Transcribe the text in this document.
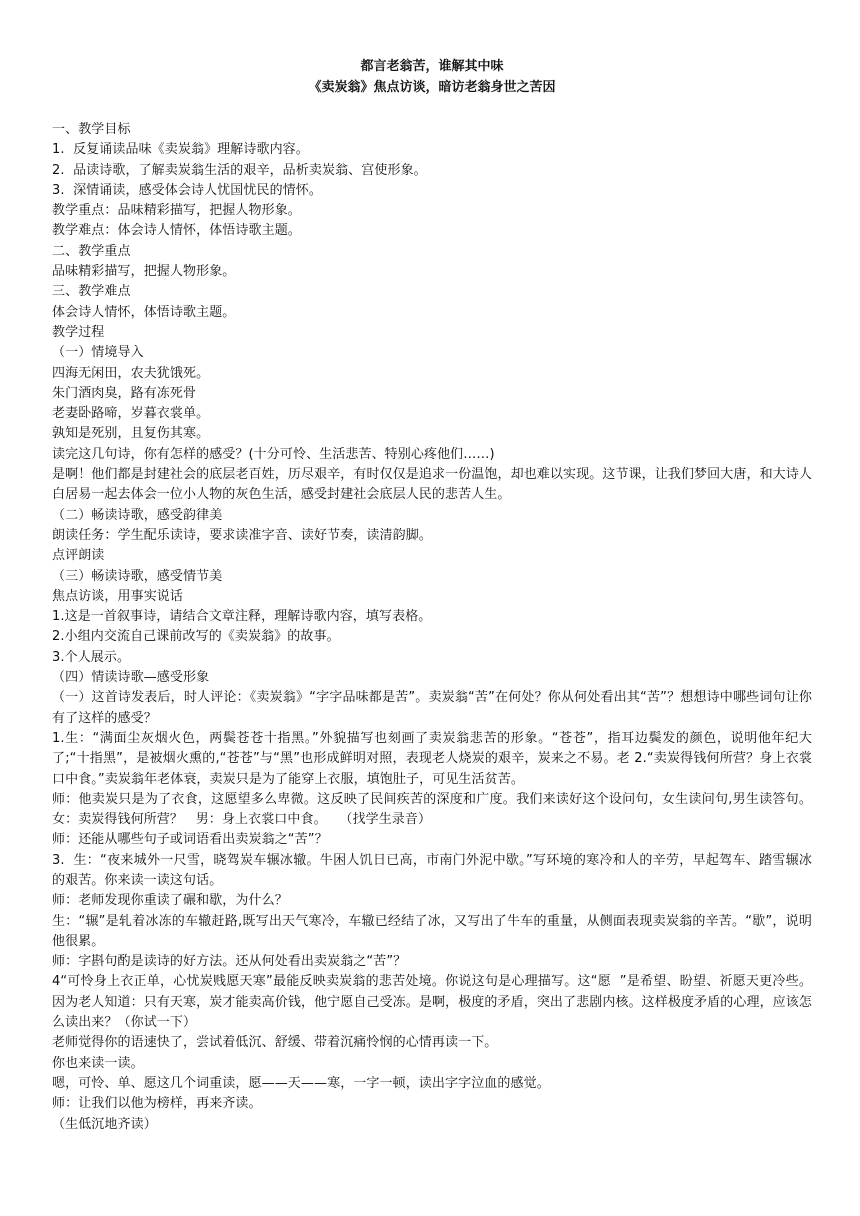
都言老翁苦，谁解其中味

《卖炭翁》焦点访谈，暗访老翁身世之苦因

一、教学目标

1.  反复诵读品味《卖炭翁》理解诗歌内容。

2.  品读诗歌，了解卖炭翁生活的艰辛，品析卖炭翁、宫使形象。

3.  深情诵读，感受体会诗人忧国忧民的情怀。

教学重点：品味精彩描写，把握人物形象。

教学难点：体会诗人情怀，体悟诗歌主题。

二、教学重点

品味精彩描写，把握人物形象。

三、教学难点

体会诗人情怀，体悟诗歌主题。

教学过程

（一）情境导入

四海无闲田，农夫犹饿死。

朱门酒肉臭，路有冻死骨

老妻卧路啼，岁暮衣裳单。

孰知是死别，且复伤其寒。

读完这几句诗，你有怎样的感受？(十分可怜、生活悲苦、特别心疼他们……)

是啊！他们都是封建社会的底层老百姓，历尽艰辛，有时仅仅是追求一份温饱，却也难以实现。这节课，让我们梦回大唐，和大诗人白居易一起去体会一位小人物的灰色生活，感受封建社会底层人民的悲苦人生。

（二）畅读诗歌，感受韵律美

朗读任务：学生配乐读诗，要求读准字音、读好节奏，读清韵脚。

点评朗读

（三）畅读诗歌，感受情节美

焦点访谈，用事实说话

1.这是一首叙事诗，请结合文章注释，理解诗歌内容，填写表格。

2.小组内交流自己课前改写的《卖炭翁》的故事。

3.个人展示。

（四）情读诗歌—感受形象

（一）这首诗发表后，时人评论：《卖炭翁》“字字品味都是苦”。卖炭翁“苦”在何处？你从何处看出其“苦”？想想诗中哪些词句让你有了这样的感受？

1.生：“满面尘灰烟火色，两鬓苍苍十指黑。”外貌描写也刻画了卖炭翁悲苦的形象。“苍苍”，指耳边鬓发的颜色，说明他年纪大了;“十指黑”，是被烟火熏的,“苍苍”与“黑”也形成鲜明对照，表现老人烧炭的艰辛，炭来之不易。老 2.“卖炭得钱何所营？身上衣裳口中食。”卖炭翁年老体衰，卖炭只是为了能穿上衣服，填饱肚子，可见生活贫苦。

师：他卖炭只是为了衣食，这愿望多么卑微。这反映了民间疾苦的深度和广度。我们来读好这个设问句，女生读问句,男生读答句。女：卖炭得钱何所营？   男：身上衣裳口中食。   （找学生录音）

师：还能从哪些句子或词语看出卖炭翁之“苦”？

3.  生：“夜来城外一尺雪，晓驾炭车辗冰辙。牛困人饥日已高，市南门外泥中歇。”写环境的寒冷和人的辛劳，早起驾车、踏雪辗冰的艰苦。你来读一读这句话。

师：老师发现你重读了碾和歇，为什么？

生：“辗”是轧着冰冻的车辙赶路,既写出天气寒冷，车辙已经结了冰，又写出了牛车的重量，从侧面表现卖炭翁的辛苦。“歇”，说明他很累。

师：字斟句酌是读诗的好方法。还从何处看出卖炭翁之“苦”？

4“可怜身上衣正单，心忧炭贱愿天寒”最能反映卖炭翁的悲苦处境。你说这句是心理描写。这“愿  ”是希望、盼望、祈愿天更冷些。因为老人知道：只有天寒，炭才能卖高价钱，他宁愿自己受冻。是啊，极度的矛盾，突出了悲剧内核。这样极度矛盾的心理，应该怎么读出来？（你试一下）

老师觉得你的语速快了，尝试着低沉、舒缓、带着沉痛怜悯的心情再读一下。

你也来读一读。

嗯，可怜、单、愿这几个词重读，愿——天——寒，一字一顿，读出字字泣血的感觉。

师：让我们以他为榜样，再来齐读。

（生低沉地齐读）
